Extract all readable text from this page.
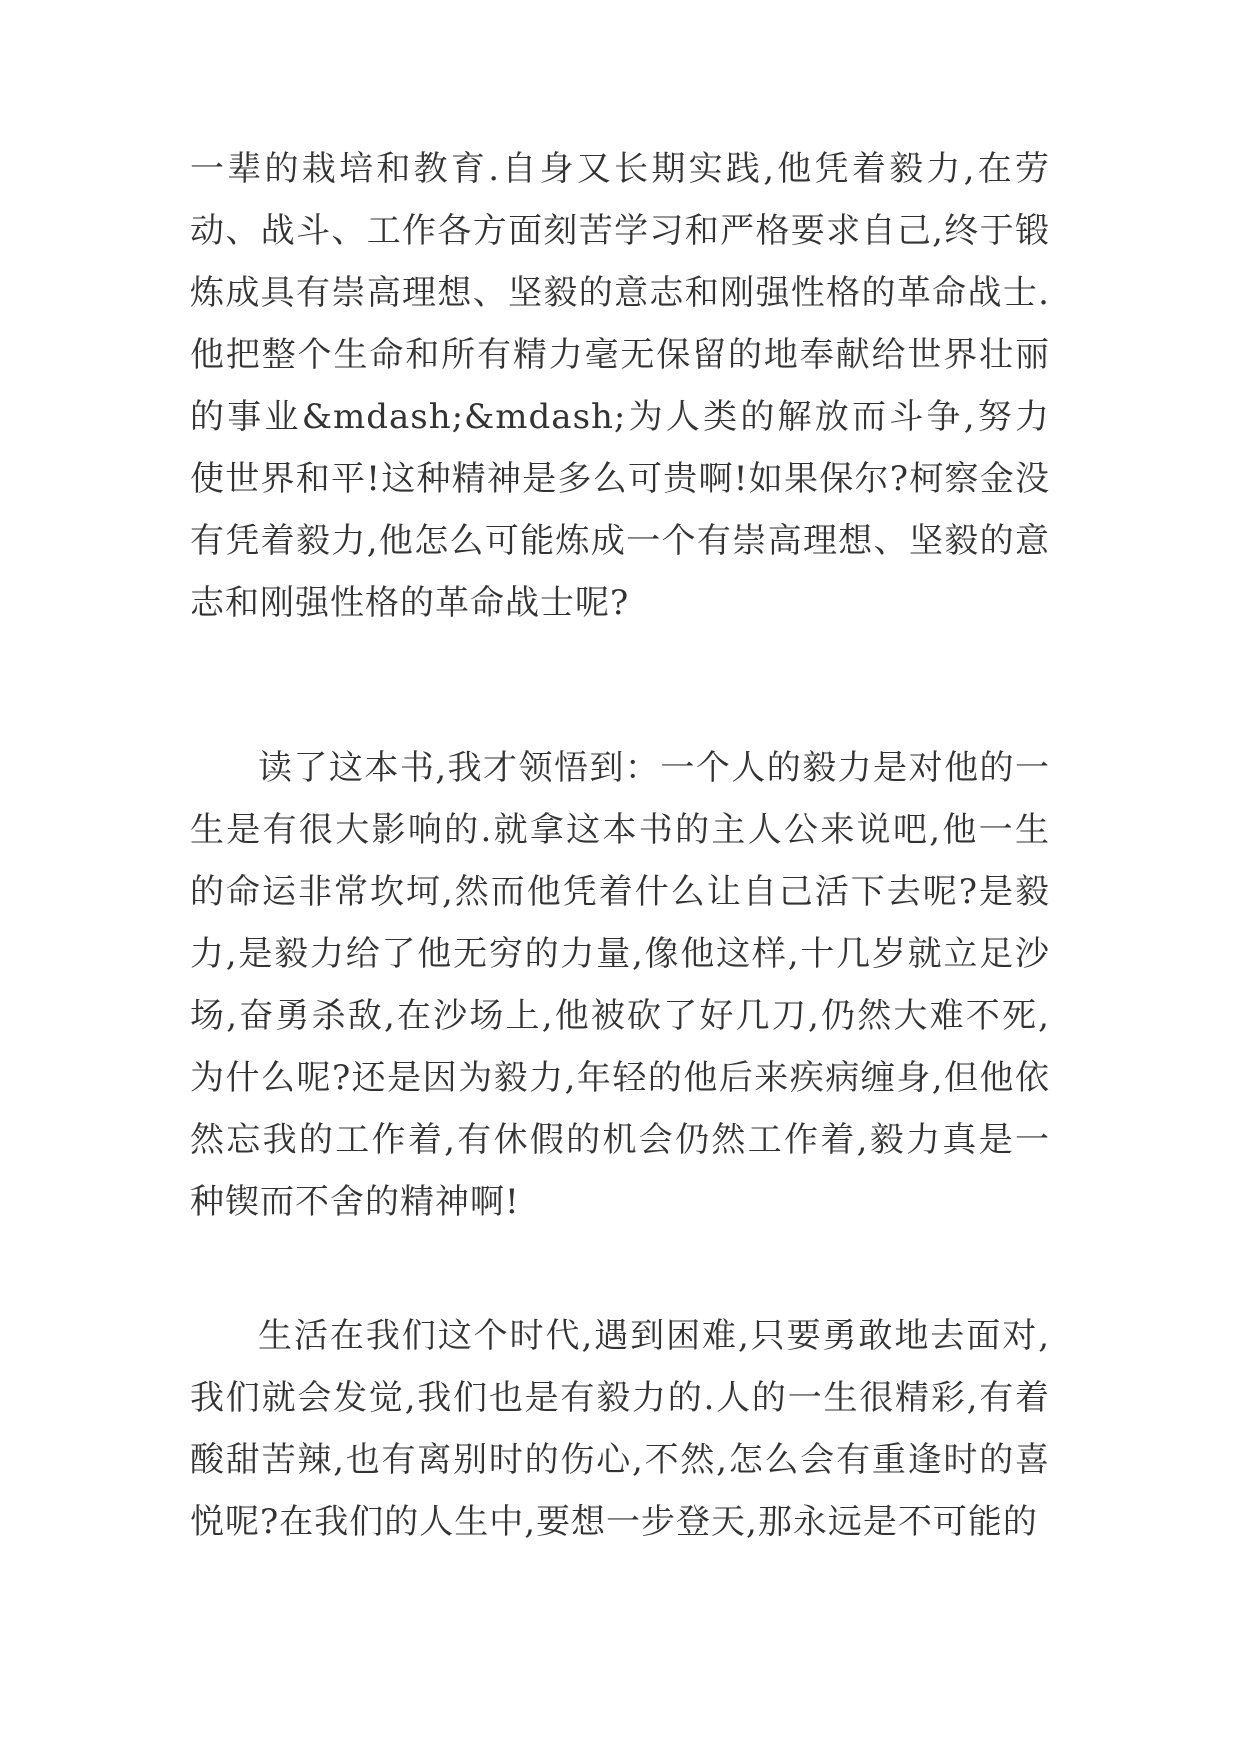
一辈的栽培和教育.自身又长期实践,他凭着毅力,在劳动、战斗、工作各方面刻苦学习和严格要求自己,终于锻炼成具有崇高理想、坚毅的意志和刚强性格的革命战士.他把整个生命和所有精力毫无保留的地奉献给世界壮丽的事业&mdash;&mdash;为人类的解放而斗争,努力使世界和平!这种精神是多么可贵啊!如果保尔?柯察金没有凭着毅力,他怎么可能炼成一个有崇高理想、坚毅的意志和刚强性格的革命战士呢?

读了这本书,我才领悟到：一个人的毅力是对他的一生是有很大影响的.就拿这本书的主人公来说吧,他一生的命运非常坎坷,然而他凭着什么让自己活下去呢?是毅力,是毅力给了他无穷的力量,像他这样,十几岁就立足沙场,奋勇杀敌,在沙场上,他被砍了好几刀,仍然大难不死,为什么呢?还是因为毅力,年轻的他后来疾病缠身,但他依然忘我的工作着,有休假的机会仍然工作着,毅力真是一种锲而不舍的精神啊!

生活在我们这个时代,遇到困难,只要勇敢地去面对,我们就会发觉,我们也是有毅力的.人的一生很精彩,有着酸甜苦辣,也有离别时的伤心,不然,怎么会有重逢时的喜悦呢?在我们的人生中,要想一步登天,那永远是不可能的
